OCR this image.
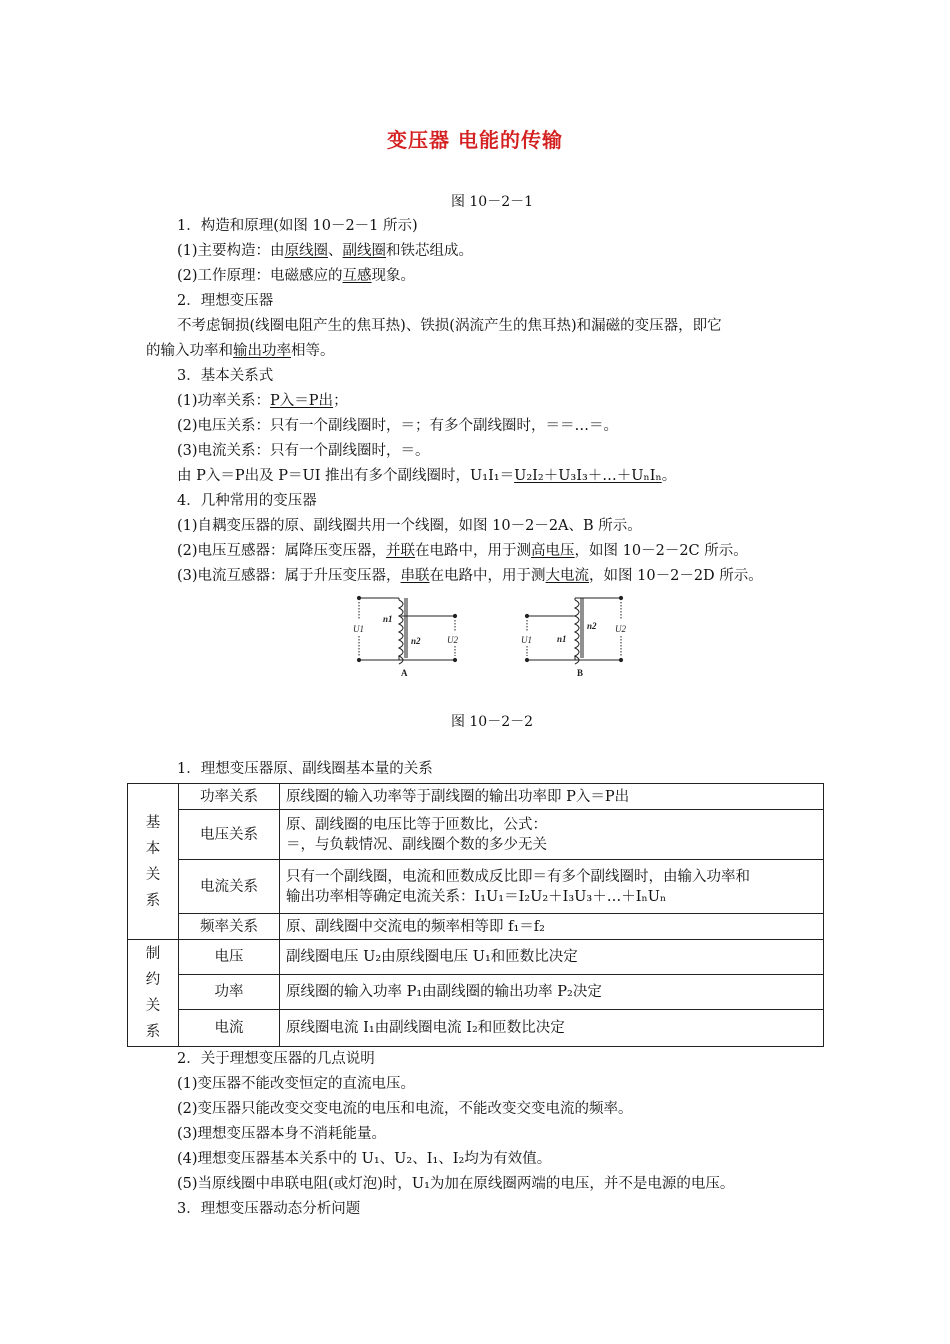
变压器 电能的传输
图 10－2－1
1．构造和原理(如图 10－2－1 所示)
(1)主要构造：由原线圈、副线圈和铁芯组成。
(2)工作原理：电磁感应的互感现象。
2．理想变压器
不考虑铜损(线圈电阻产生的焦耳热)、铁损(涡流产生的焦耳热)和漏磁的变压器，即它
的输入功率和输出功率相等。
3．基本关系式
(1)功率关系：P入＝P出；
(2)电压关系：只有一个副线圈时，＝；有多个副线圈时，＝＝…＝。
(3)电流关系：只有一个副线圈时，＝。
由 P入＝P出及 P＝UI 推出有多个副线圈时，U₁I₁＝U₂I₂＋U₃I₃＋…＋UₙIₙ。
4．几种常用的变压器
(1)自耦变压器的原、副线圈共用一个线圈，如图 10－2－2A、B 所示。
(2)电压互感器：属降压变压器，并联在电路中，用于测高电压，如图 10－2－2C 所示。
(3)电流互感器：属于升压变压器，串联在电路中，用于测大电流，如图 10－2－2D 所示。
U1
n1
n2	U2
A
U1	n1
n2 U2
B
图 10－2－2
1．理想变压器原、副线圈基本量的关系
基
本
关
系	功率关系	原线圈的输入功率等于副线圈的输出功率即 P入＝P出
	电压关系	原、副线圈的电压比等于匝数比，公式：
＝，与负载情况、副线圈个数的多少无关

	电流关系	只有一个副线圈，电流和匝数成反比即＝有多个副线圈时，由输入功率和
输出功率相等确定电流关系：I₁U₁＝I₂U₂＋I₃U₃＋…＋IₙUₙ

	频率关系	原、副线圈中交流电的频率相等即 f₁＝f₂
制
约
关
系	电压	副线圈电压 U₂由原线圈电压 U₁和匝数比决定
	功率	原线圈的输入功率 P₁由副线圈的输出功率 P₂决定
	电流	原线圈电流 I₁由副线圈电流 I₂和匝数比决定
2．关于理想变压器的几点说明
(1)变压器不能改变恒定的直流电压。
(2)变压器只能改变交变电流的电压和电流，不能改变交变电流的频率。
(3)理想变压器本身不消耗能量。
(4)理想变压器基本关系中的 U₁、U₂、I₁、I₂均为有效值。
(5)当原线圈中串联电阻(或灯泡)时，U₁为加在原线圈两端的电压，并不是电源的电压。
3．理想变压器动态分析问题
